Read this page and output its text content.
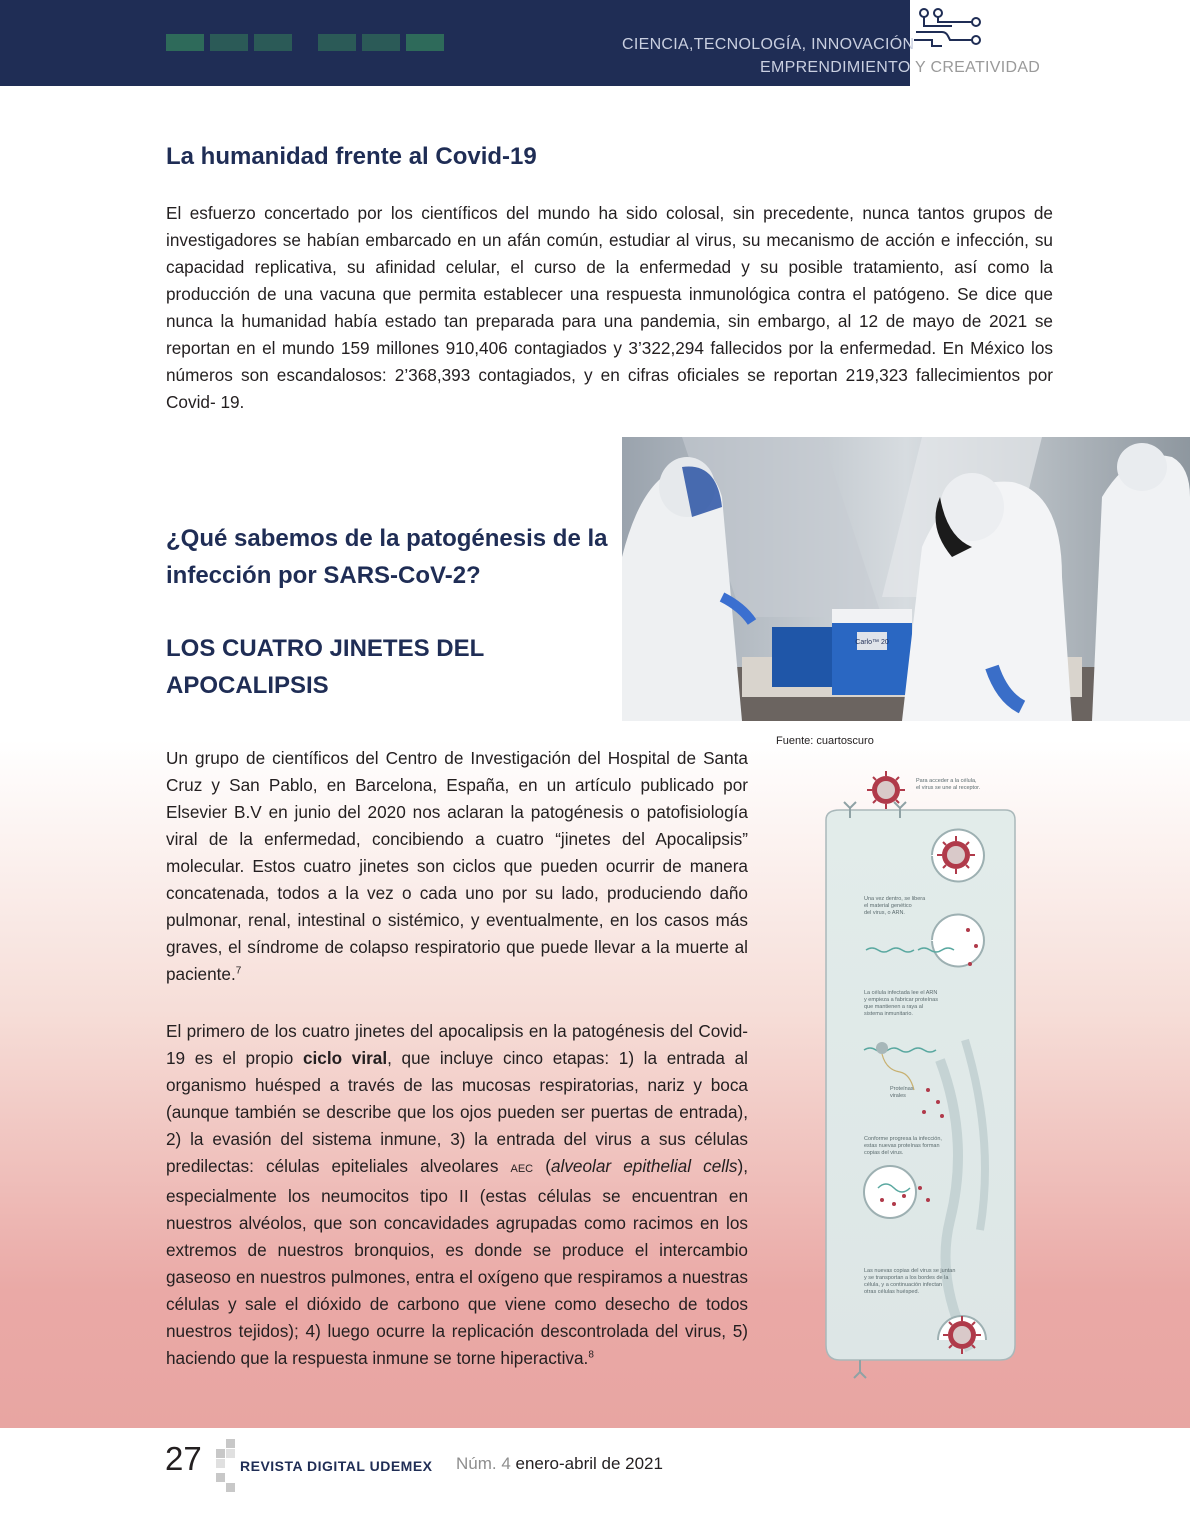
CIENCIA,TECNOLOGÍA, INNOVACIÓN
EMPRENDIMIENTO Y CREATIVIDAD
La humanidad frente al Covid-19

El esfuerzo concertado por los científicos del mundo ha sido colosal, sin precedente, nunca tantos grupos de investigadores se habían embarcado en un afán común, estudiar al virus, su mecanismo de acción e infección, su capacidad replicativa, su afinidad celular, el curso de la enfermedad y su posible tratamiento, así como la producción de una vacuna que permita establecer una respuesta inmunológica contra el patógeno. Se dice que nunca la humanidad había estado tan preparada para una pandemia, sin embargo, al 12 de mayo de 2021 se reportan en el mundo 159 millones 910,406 contagiados y 3’322,294 fallecidos por la enfermedad. En México los números son escandalosos: 2’368,393 contagiados, y en cifras oficiales se reportan 219,323 fallecimientos por Covid- 19.

Carlo™ 20
Fuente: cuartoscuro
¿Qué sabemos de la patogénesis de la infección por SARS-CoV-2?
LOS CUATRO JINETES DEL APOCALIPSIS

Un grupo de científicos del Centro de Investigación del Hospital de Santa Cruz y San Pablo, en Barcelona, España, en un artículo publicado por Elsevier B.V en junio del 2020 nos aclaran la patogénesis o patofisiología viral de la enfermedad, concibiendo a cuatro “jinetes del Apocalipsis” molecular. Estos cuatro jinetes son ciclos que pueden ocurrir de manera concatenada, todos a la vez o cada uno por su lado, produciendo daño pulmonar, renal, intestinal o sistémico, y eventualmente, en los casos más graves, el síndrome de colapso respiratorio que puede llevar a la muerte al paciente.$^7$

El primero de los cuatro jinetes del apocalipsis en la patogénesis del Covid-19 es el propio ciclo viral, que incluye cinco etapas: 1) la entrada al organismo huésped a través de las mucosas respiratorias, nariz y boca (aunque también se describe que los ojos pueden ser puertas de entrada), 2) la evasión del sistema inmune, 3) la entrada del virus a sus células predilectas: células epiteliales alveolares AEC (alveolar epithelial cells), especialmente los neumocitos tipo II (estas células se encuentran en nuestros alvéolos, que son concavidades agrupadas como racimos en los extremos de nuestros bronquios, es donde se produce el intercambio gaseoso en nuestros pulmones, entra el oxígeno que respiramos a nuestras células y sale el dióxido de carbono que viene como desecho de todos nuestros tejidos); 4) luego ocurre la replicación descontrolada del virus, 5) haciendo que la respuesta inmune se torne hiperactiva.$^8$

Para acceder a la célula, el virus se une al receptor.
Una vez dentro, se libera el material genético del virus, o ARN.
La célula infectada lee el ARN y empieza a fabricar proteínas que mantienen a raya al sistema inmunitario.
Proteínas virales
Conforme progresa la infección, estas nuevas proteínas forman copias del virus.
Las nuevas copias del virus se juntan y se transportan a los bordes de la célula, y a continuación infectan otras células huésped.
27	REVISTA DIGITAL UDEMEX Núm. 4 enero-abril de 2021
